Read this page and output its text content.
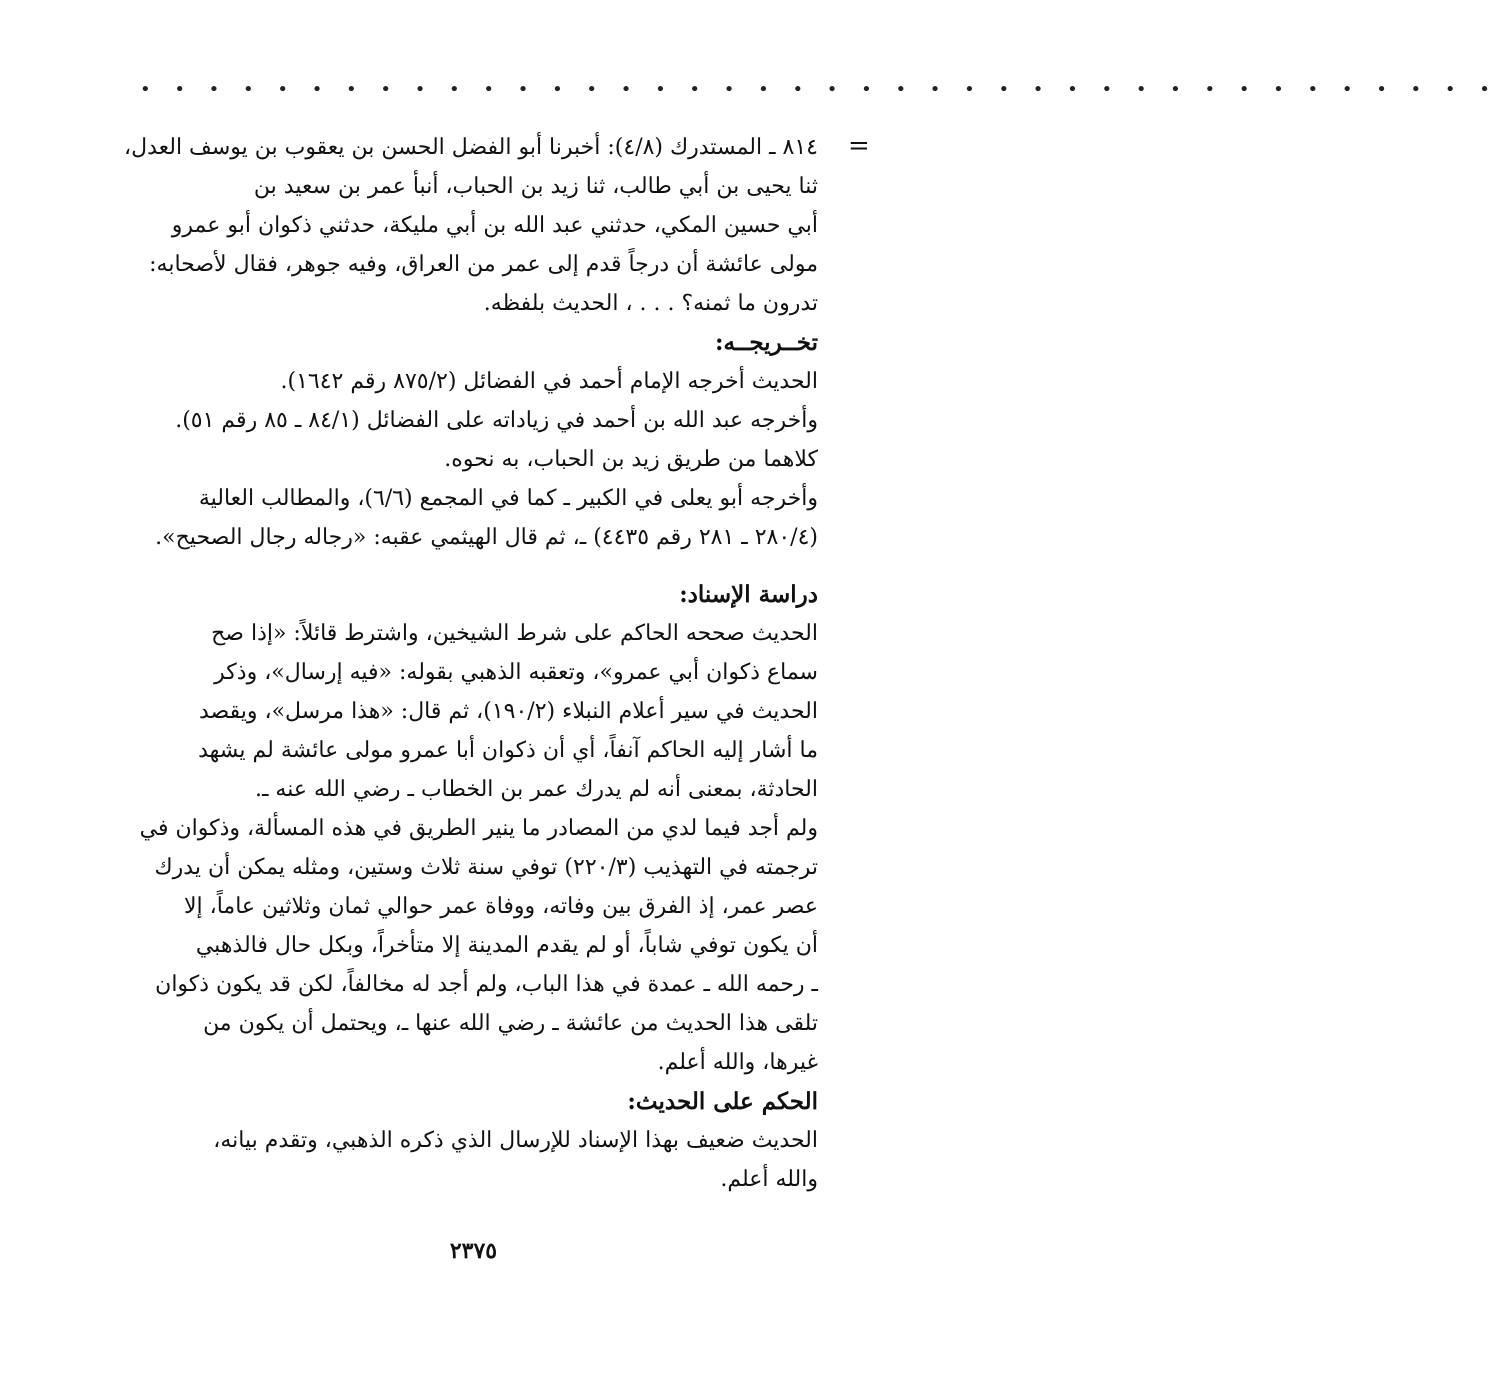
• • • • • • • • • • • • • • • • • • • • • • • • • • • • • • • • • • • • • • • •
=
٨١٤ ـ المستدرك (٤/٨): أخبرنا أبو الفضل الحسن بن يعقوب بن يوسف العدل،
ثنا يحيى بن أبي طالب، ثنا زيد بن الحباب، أنبأ عمر بن سعيد بن
أبي حسين المكي، حدثني عبد الله بن أبي مليكة، حدثني ذكوان أبو عمرو
مولى عائشة أن درجاً قدم إلى عمر من العراق، وفيه جوهر، فقال لأصحابه:
تدرون ما ثمنه؟ . . . ، الحديث بلفظه.
تخــريجــه:
الحديث أخرجه الإمام أحمد في الفضائل (٨٧٥/٢ رقم ١٦٤٢).
وأخرجه عبد الله بن أحمد في زياداته على الفضائل (٨٤/١ ـ ٨٥ رقم ٥١).
كلاهما من طريق زيد بن الحباب، به نحوه.
وأخرجه أبو يعلى في الكبير ـ كما في المجمع (٦/٦)، والمطالب العالية
(٢٨٠/٤ ـ ٢٨١ رقم ٤٤٣٥) ـ، ثم قال الهيثمي عقبه: «رجاله رجال الصحيح».
دراسة الإسناد:
الحديث صححه الحاكم على شرط الشيخين، واشترط قائلاً: «إذا صح
سماع ذكوان أبي عمرو»، وتعقبه الذهبي بقوله: «فيه إرسال»، وذكر
الحديث في سير أعلام النبلاء (١٩٠/٢)، ثم قال: «هذا مرسل»، ويقصد
ما أشار إليه الحاكم آنفاً، أي أن ذكوان أبا عمرو مولى عائشة لم يشهد
الحادثة، بمعنى أنه لم يدرك عمر بن الخطاب ـ رضي الله عنه ـ.
ولم أجد فيما لدي من المصادر ما ينير الطريق في هذه المسألة، وذكوان في
ترجمته في التهذيب (٢٢٠/٣) توفي سنة ثلاث وستين، ومثله يمكن أن يدرك
عصر عمر، إذ الفرق بين وفاته، ووفاة عمر حوالي ثمان وثلاثين عاماً، إلا
أن يكون توفي شاباً، أو لم يقدم المدينة إلا متأخراً، وبكل حال فالذهبي
ـ رحمه الله ـ عمدة في هذا الباب، ولم أجد له مخالفاً، لكن قد يكون ذكوان
تلقى هذا الحديث من عائشة ـ رضي الله عنها ـ، ويحتمل أن يكون من
غيرها، والله أعلم.
الحكم على الحديث:
الحديث ضعيف بهذا الإسناد للإرسال الذي ذكره الذهبي، وتقدم بيانه،
والله أعلم.
٢٣٧٥
